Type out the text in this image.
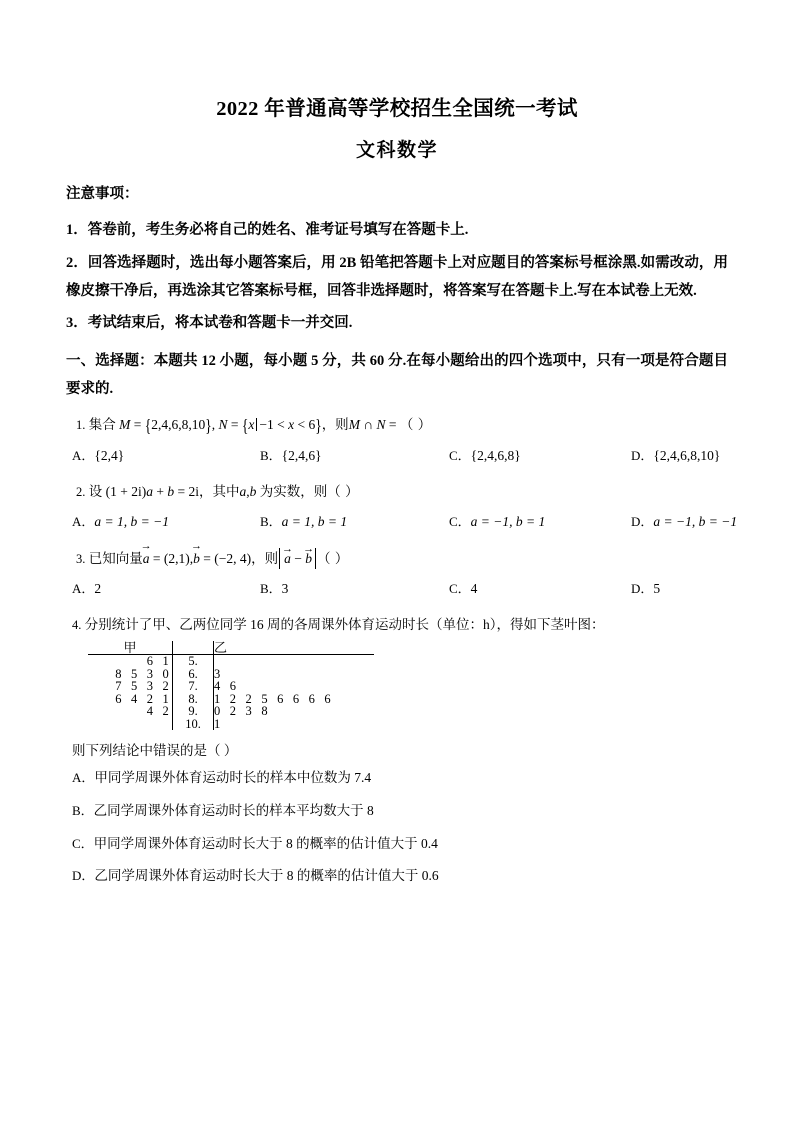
2022 年普通高等学校招生全国统一考试
文科数学

注意事项：

1．答卷前，考生务必将自己的姓名、准考证号填写在答题卡上.

2．回答选择题时，选出每小题答案后，用 2B 铅笔把答题卡上对应题目的答案标号框涂黑.如需改动，用橡皮擦干净后，再选涂其它答案标号框，回答非选择题时，将答案写在答题卡上.写在本试卷上无效.

3．考试结束后，将本试卷和答题卡一并交回.

一、选择题：本题共 12 小题，每小题 5 分，共 60 分.在每小题给出的四个选项中，只有一项是符合题目要求的.

1. 集合 M = {2,4,6,8,10}, N = {x −1 < x < 6}，则M ∩ N = （ ）
A．{2,4}	B．{2,4,6}	C．{2,4,6,8}	D．{2,4,6,8,10}
2. 设 (1 + 2i)a + b = 2i，其中a,b 为实数，则（ ）
A．a = 1, b = −1	B．a = 1, b = 1	C．a = −1, b = 1	D．a = −1, b = −1
3. 已知向量
→
a = (2,1),
→
b = (−2, 4)，则
→
a −
→
b （ ）
A．2	B．3	C．4	D．5
4. 分别统计了甲、乙两位同学 16 周的各周课外体育运动时长（单位：h），得如下茎叶图：
甲		乙

6 1	5.	
8 5 3 0	6.	3
7 5 3 2	7.	4 6
6 4 2 1	8.	1 2 2 5 6 6 6 6
4 2	9.	0 2 3 8
	10.	1
则下列结论中错误的是（ ）
A．甲同学周课外体育运动时长的样本中位数为 7.4
B．乙同学周课外体育运动时长的样本平均数大于 8
C．甲同学周课外体育运动时长大于 8 的概率的估计值大于 0.4
D．乙同学周课外体育运动时长大于 8 的概率的估计值大于 0.6
